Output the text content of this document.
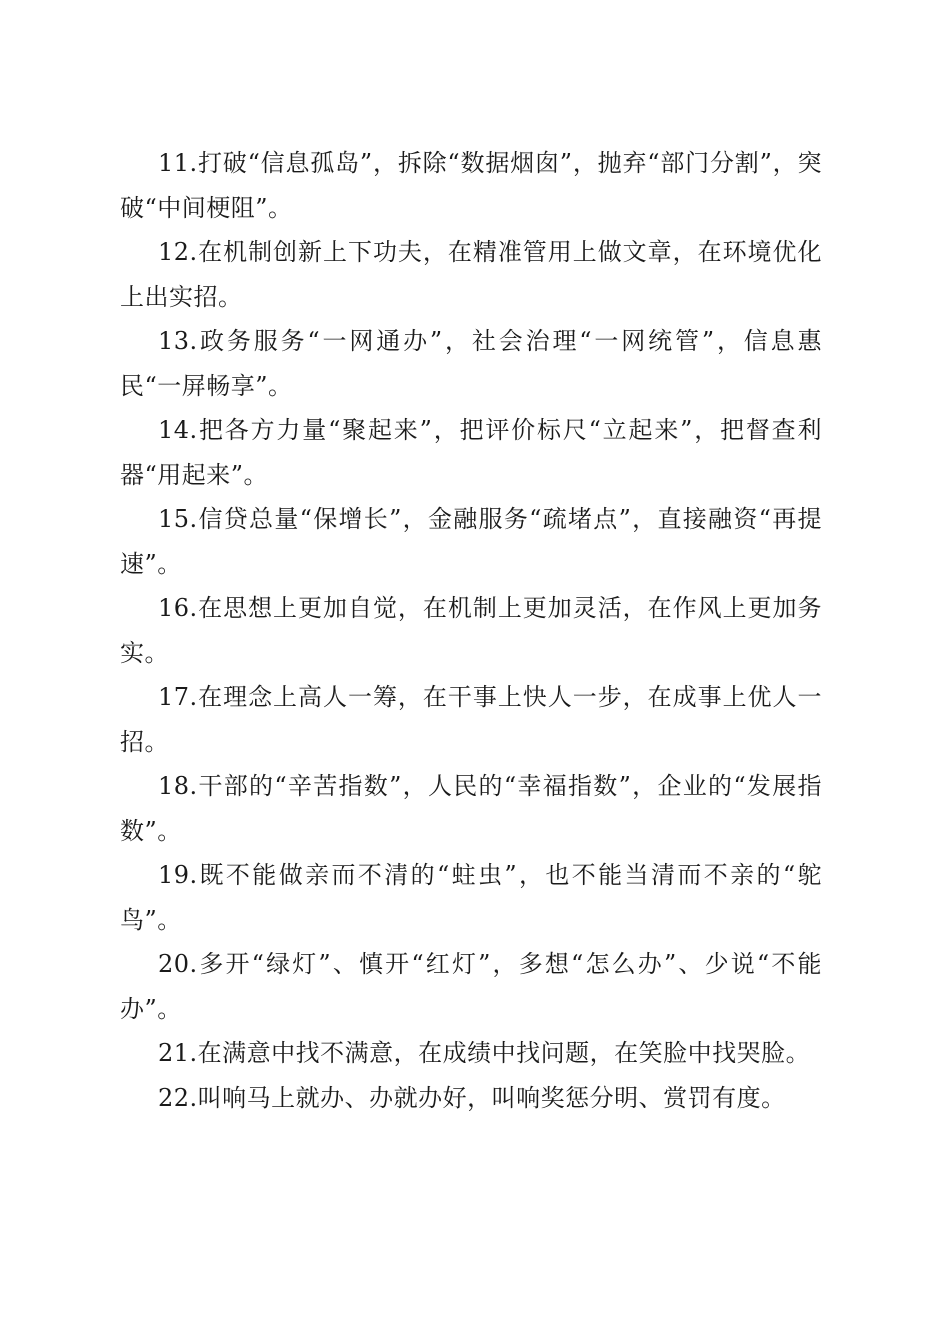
11.打破“信息孤岛”，拆除“数据烟囱”，抛弃“部门分割”，突破“中间梗阻”。

12.在机制创新上下功夫，在精准管用上做文章，在环境优化上出实招。

13.政务服务“一网通办”，社会治理“一网统管”，信息惠民“一屏畅享”。

14.把各方力量“聚起来”，把评价标尺“立起来”，把督查利器“用起来”。

15.信贷总量“保增长”，金融服务“疏堵点”，直接融资“再提速”。

16.在思想上更加自觉，在机制上更加灵活，在作风上更加务实。

17.在理念上高人一筹，在干事上快人一步，在成事上优人一招。

18.干部的“辛苦指数”，人民的“幸福指数”，企业的“发展指数”。

19.既不能做亲而不清的“蛀虫”，也不能当清而不亲的“鸵鸟”。

20.多开“绿灯”、慎开“红灯”，多想“怎么办”、少说“不能办”。

21.在满意中找不满意，在成绩中找问题，在笑脸中找哭脸。

22.叫响马上就办、办就办好，叫响奖惩分明、赏罚有度。
